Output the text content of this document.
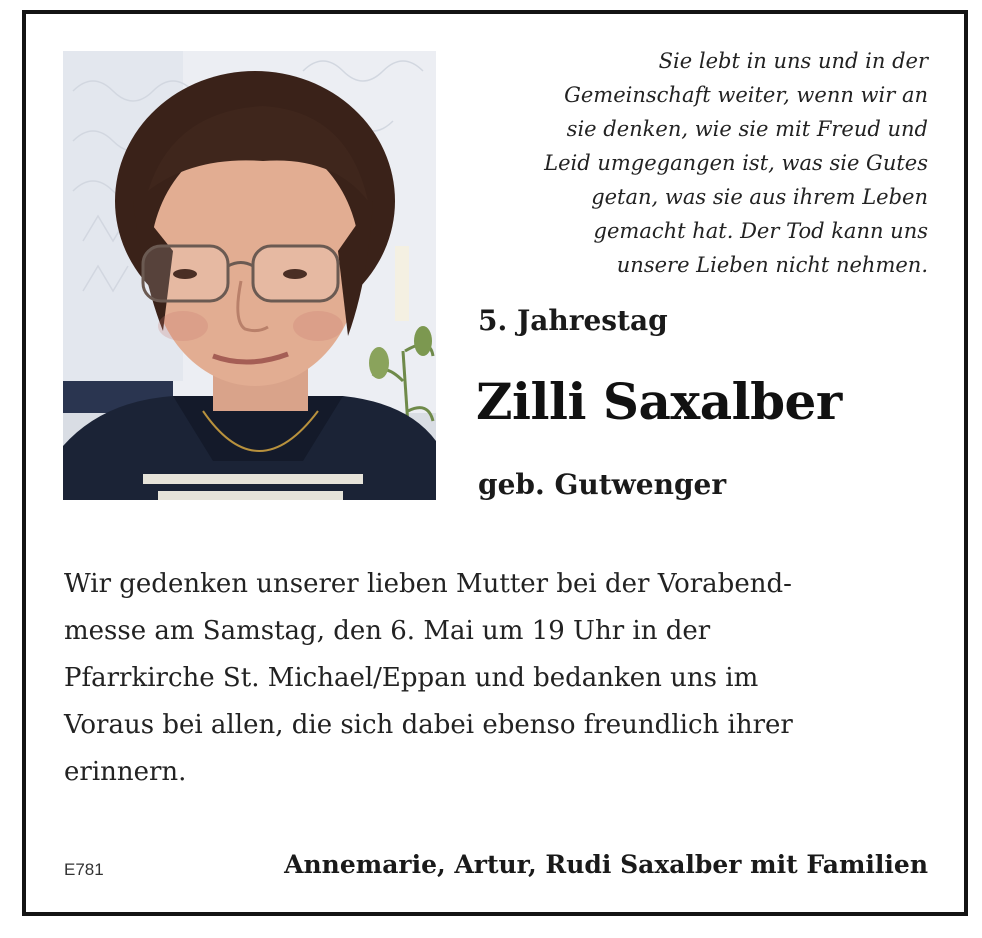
Sie lebt in uns und in der
Gemeinschaft weiter, wenn wir an
sie denken, wie sie mit Freud und
Leid umgegangen ist, was sie Gutes
getan, was sie aus ihrem Leben
gemacht hat. Der Tod kann uns
unsere Lieben nicht nehmen.
5. Jahrestag
Zilli Saxalber
geb. Gutwenger
Wir gedenken unserer lieben Mutter bei der Vorabend-
messe am Samstag, den 6. Mai um 19 Uhr in der
Pfarrkirche St. Michael/Eppan und bedanken uns im
Voraus bei allen, die sich dabei ebenso freundlich ihrer
erinnern.
E781	Annemarie, Artur, Rudi Saxalber mit Familien
